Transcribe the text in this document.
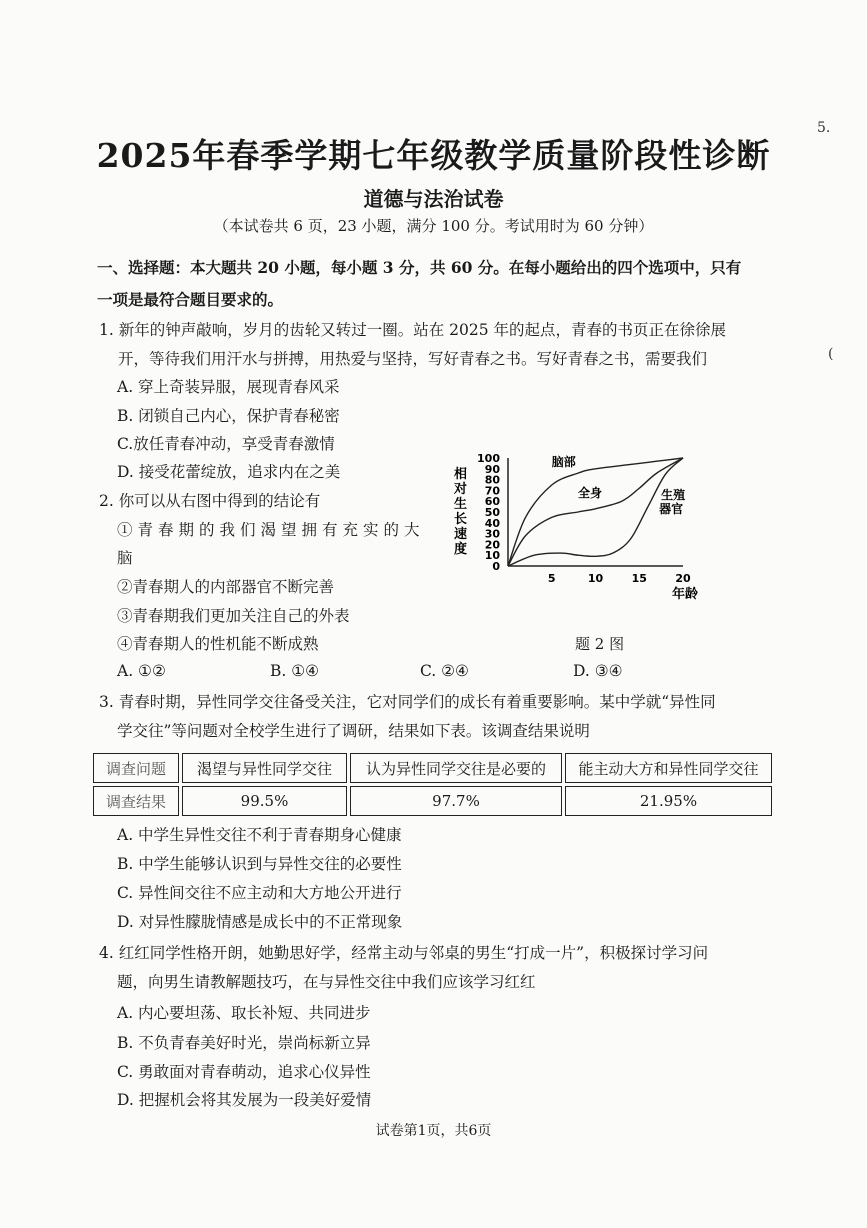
5.
(
2025年春季学期七年级教学质量阶段性诊断
道德与法治试卷
（本试卷共 6 页，23 小题，满分 100 分。考试用时为 60 分钟）
一、选择题：本大题共 20 小题，每小题 3 分，共 60 分。在每小题给出的四个选项中，只有
一项是最符合题目要求的。
1. 新年的钟声敲响，岁月的齿轮又转过一圈。站在 2025 年的起点，青春的书页正在徐徐展
开，等待我们用汗水与拼搏，用热爱与坚持，写好青春之书。写好青春之书，需要我们
A. 穿上奇装异服，展现青春风采
B. 闭锁自己内心，保护青春秘密
C.放任青春冲动，享受青春激情
D. 接受花蕾绽放，追求内在之美
2. 你可以从右图中得到的结论有
①青春期的我们渴望拥有充实的大
脑
②青春期人的内部器官不断完善
③青春期我们更加关注自己的外表
④青春期人的性机能不断成熟	题 2 图
A. ①②	B. ①④	C. ②④	D. ③④
相
对
生
长
速
度
100
90
80
70
60
50
40
30
20
10
0
5	10	15	20
脑部
全身	生殖
器官
年龄
3. 青春时期，异性同学交往备受关注，它对同学们的成长有着重要影响。某中学就“异性同
学交往”等问题对全校学生进行了调研，结果如下表。该调查结果说明
调查问题	渴望与异性同学交往	认为异性同学交往是必要的	能主动大方和异性同学交往
调查结果	99.5%	97.7%	21.95%
A. 中学生异性交往不利于青春期身心健康
B. 中学生能够认识到与异性交往的必要性
C. 异性间交往不应主动和大方地公开进行
D. 对异性朦胧情感是成长中的不正常现象
4. 红红同学性格开朗，她勤思好学，经常主动与邻桌的男生“打成一片”，积极探讨学习问
题，向男生请教解题技巧，在与异性交往中我们应该学习红红
A. 内心要坦荡、取长补短、共同进步
B. 不负青春美好时光，崇尚标新立异
C. 勇敢面对青春萌动，追求心仪异性
D. 把握机会将其发展为一段美好爱情
试卷第1页，共6页
